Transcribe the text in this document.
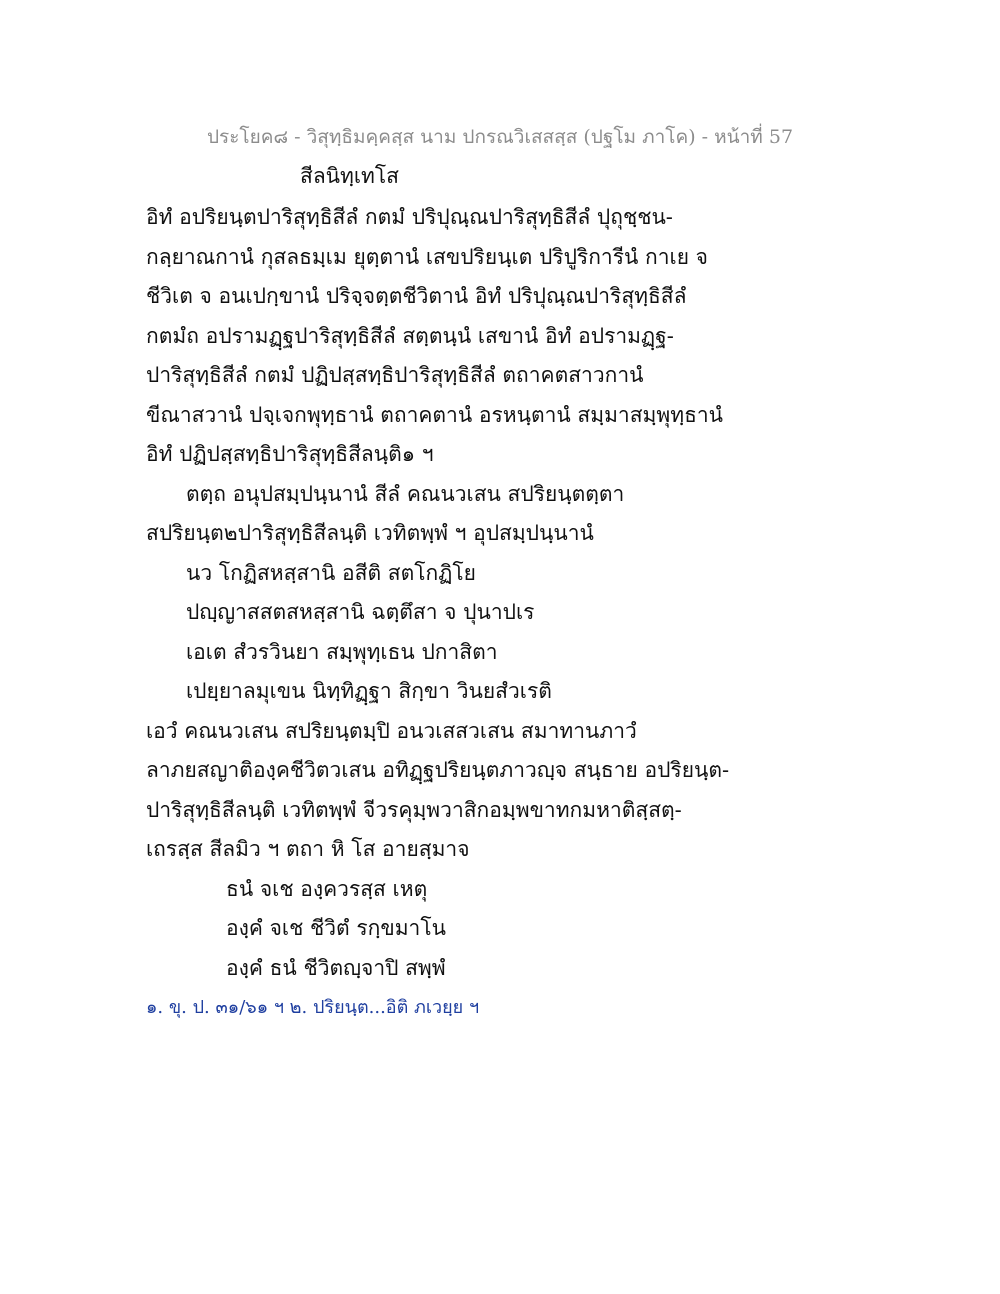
ประโยค๘ - วิสุทฺธิมคฺคสฺส นาม ปกรณวิเสสสฺส (ปฐโม ภาโค) - หน้าที่ 57
สีลนิทฺเทโส
อิทํ อปริยนฺตปาริสุทฺธิสีลํ กตมํ ปริปุณฺณปาริสุทฺธิสีลํ ปุถุชฺชน-
กลฺยาณกานํ กุสลธมฺเม ยุตฺตานํ เสขปริยนฺเต ปริปูริการีนํ กาเย จ
ชีวิเต จ อนเปกฺขานํ ปริจฺจตฺตชีวิตานํ อิทํ ปริปุณฺณปาริสุทฺธิสีลํ
กตมํถ อปรามฏฺฐปาริสุทฺธิสีลํ สตฺตนฺนํ เสขานํ อิทํ อปรามฏฺฐ-
ปาริสุทฺธิสีลํ กตมํ ปฏิปสฺสทฺธิปาริสุทฺธิสีลํ ตถาคตสาวกานํ
ขีณาสวานํ ปจฺเจกพุทฺธานํ ตถาคตานํ อรหนฺตานํ สมฺมาสมฺพุทฺธานํ
อิทํ ปฏิปสฺสทฺธิปาริสุทฺธิสีลนฺติ๑ ฯ
ตตฺถ อนุปสมฺปนฺนานํ สีลํ คณนวเสน สปริยนฺตตฺตา
สปริยนฺต๒ปาริสุทฺธิสีลนฺติ เวทิตพฺพํ ฯ อุปสมฺปนฺนานํ
นว โกฏิสหสฺสานิ อสีติ สตโกฏิโย
ปญฺญาสสตสหสฺสานิ ฉตฺตึสา จ ปุนาปเร
เอเต สํวรวินยา สมฺพุทฺเธน ปกาสิตา
เปยฺยาลมุเขน นิทฺทิฏฺฐา สิกฺขา วินยสํวเรติ
เอวํ คณนวเสน สปริยนฺตมฺปิ อนวเสสวเสน สมาทานภาวํ
ลาภยสญาติองฺคชีวิตวเสน อทิฏฺฐปริยนฺตภาวญฺจ สนฺธาย อปริยนฺต-
ปาริสุทฺธิสีลนฺติ เวทิตพฺพํ จีวรคุมฺพวาสิกอมฺพขาทกมหาติสฺสตฺ-
เถรสฺส สีลมิว ฯ ตถา หิ โส อายสฺมาจ
ธนํ จเช องฺควรสฺส เหตุ
องฺคํ จเช ชีวิตํ รกฺขมาโน
องฺคํ ธนํ ชีวิตญฺจาปิ สพฺพํ
๑. ขุ. ป. ๓๑/๖๑ ฯ ๒. ปริยนฺต...อิติ ภเวยฺย ฯ
